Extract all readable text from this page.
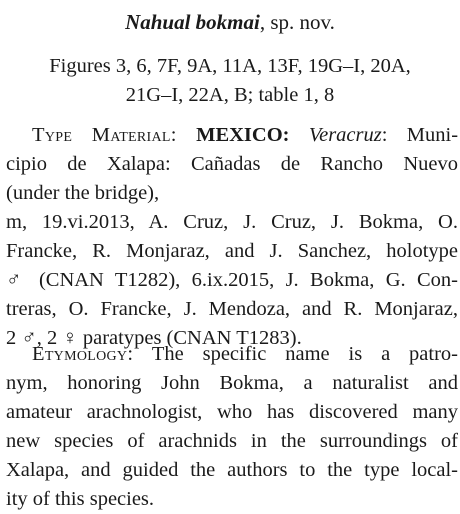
Nahual bokmai, sp. nov.
Figures 3, 6, 7F, 9A, 11A, 13F, 19G–I, 20A,
21G–I, 22A, B; table 1, 8
Type Material: MEXICO: Veracruz: Muni-
cipio de Xalapa: Cañadas de Rancho Nuevo
(under the bridge),
m, 19.vi.2013, A. Cruz, J. Cruz, J. Bokma, O.
Francke, R. Monjaraz, and J. Sanchez, holotype
♂ (CNAN T1282), 6.ix.2015, J. Bokma, G. Con-
treras, O. Francke, J. Mendoza, and R. Monjaraz,
2 ♂, 2 ♀ paratypes (CNAN T1283).
Etymology: The specific name is a patro-
nym, honoring John Bokma, a naturalist and
amateur arachnologist, who has discovered many
new species of arachnids in the surroundings of
Xalapa, and guided the authors to the type local-
ity of this species.
